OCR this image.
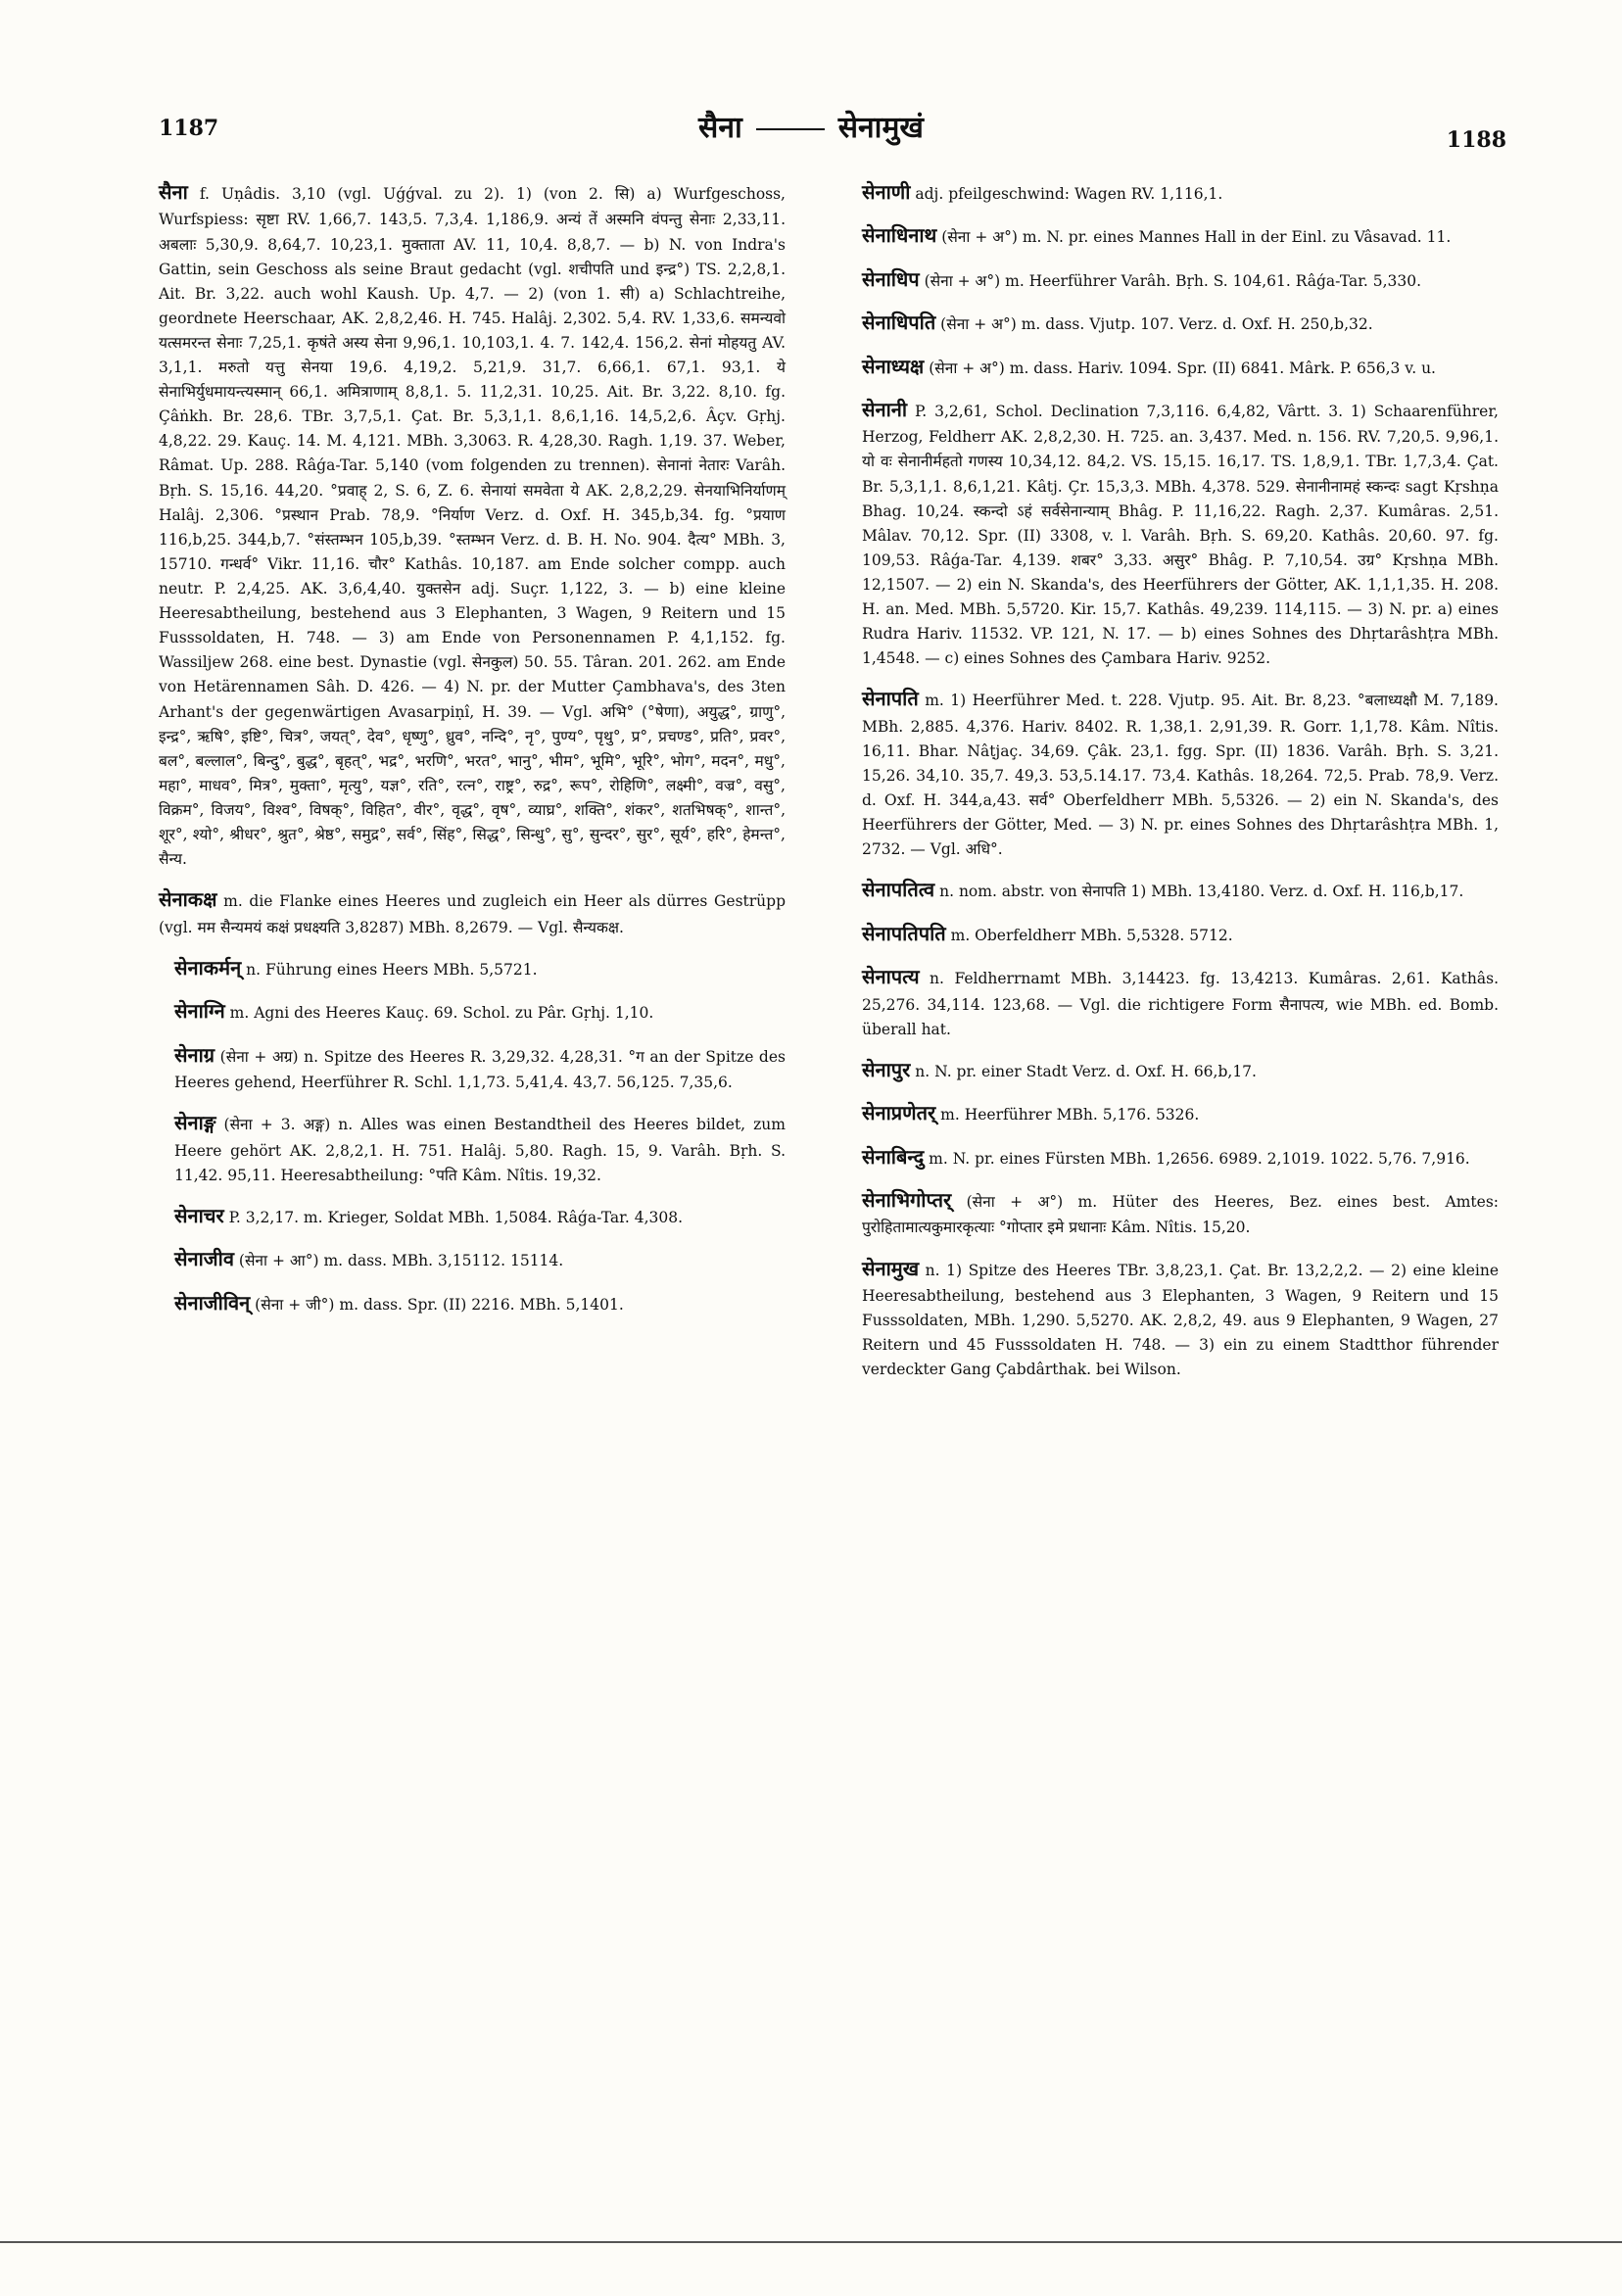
1187	सैना	सेनामुखं	1188

सैना f. Uṇâdis. 3,10 (vgl. Uǵǵval. zu 2). 1) (von 2. सि) a) Wurfgeschoss, Wurfspiess: सृष्टा RV. 1,66,7. 143,5. 7,3,4. 1,186,9. अन्यं तें अस्मनि वंपन्तु सेनाः 2,33,11. अबलाः 5,30,9. 8,64,7. 10,23,1. मुक्ताता AV. 11, 10,4. 8,8,7. — b) N. von Indra's Gattin, sein Geschoss als seine Braut gedacht (vgl. शचीपति und इन्द्र°) TS. 2,2,8,1. Ait. Br. 3,22. auch wohl Kaush. Up. 4,7. — 2) (von 1. सी) a) Schlachtreihe, geordnete Heerschaar, AK. 2,8,2,46. H. 745. Halâj. 2,302. 5,4. RV. 1,33,6. समन्यवो यत्समरन्त सेनाः 7,25,1. कृषंते अस्य सेना 9,96,1. 10,103,1. 4. 7. 142,4. 156,2. सेनां मोहयतु AV. 3,1,1. मरुतो यत्तु सेनया 19,6. 4,19,2. 5,21,9. 31,7. 6,66,1. 67,1. 93,1. ये सेनाभिर्युधमायन्त्यस्मान् 66,1. अमित्राणाम् 8,8,1. 5. 11,2,31. 10,25. Ait. Br. 3,22. 8,10. fg. Çâṅkh. Br. 28,6. TBr. 3,7,5,1. Çat. Br. 5,3,1,1. 8,6,1,16. 14,5,2,6. Âçv. Gṛhj. 4,8,22. 29. Kauç. 14. M. 4,121. MBh. 3,3063. R. 4,28,30. Ragh. 1,19. 37. Weber, Râmat. Up. 288. Râǵa-Tar. 5,140 (vom folgenden zu trennen). सेनानां नेतारः Varâh. Bṛh. S. 15,16. 44,20. °प्रवाह् 2, S. 6, Z. 6. सेनायां समवेता ये AK. 2,8,2,29. सेनयाभिनिर्याणम् Halâj. 2,306. °प्रस्थान Prab. 78,9. °निर्याण Verz. d. Oxf. H. 345,b,34. fg. °प्रयाण 116,b,25. 344,b,7. °संस्तम्भन 105,b,39. °स्तम्भन Verz. d. B. H. No. 904. दैत्य° MBh. 3, 15710. गन्धर्व° Vikr. 11,16. चौर° Kathâs. 10,187. am Ende solcher compp. auch neutr. P. 2,4,25. AK. 3,6,4,40. युक्तसेन adj. Suçr. 1,122, 3. — b) eine kleine Heeresabtheilung, bestehend aus 3 Elephanten, 3 Wagen, 9 Reitern und 15 Fusssoldaten, H. 748. — 3) am Ende von Personennamen P. 4,1,152. fg. Wassiljew 268. eine best. Dynastie (vgl. सेनकुल) 50. 55. Târan. 201. 262. am Ende von Hetärennamen Sâh. D. 426. — 4) N. pr. der Mutter Çambhava's, des 3ten Arhant's der gegenwärtigen Avasarpiṇî, H. 39. — Vgl. अभि° (°षेणा), अयुद्ध°, ग्राणु°, इन्द्र°, ऋषि°, इष्टि°, चित्र°, जयत्°, देव°, धृष्णु°, ध्रुव°, नन्दि°, नृ°, पुण्य°, पृथु°, प्र°, प्रचण्ड°, प्रति°, प्रवर°, बल°, बल्लाल°, बिन्दु°, बुद्ध°, बृहत्°, भद्र°, भरणि°, भरत°, भानु°, भीम°, भूमि°, भूरि°, भोग°, मदन°, मधु°, महा°, माधव°, मित्र°, मुक्ता°, मृत्यु°, यज्ञ°, रति°, रत्न°, राष्ट्र°, रुद्र°, रूप°, रोहिणि°, लक्ष्मी°, वज्र°, वसु°, विक्रम°, विजय°, विश्व°, विषक्°, विहित°, वीर°, वृद्ध°, वृष°, व्याघ्र°, शक्ति°, शंकर°, शतभिषक्°, शान्त°, शूर°, श्यो°, श्रीधर°, श्रुत°, श्रेष्ठ°, समुद्र°, सर्व°, सिंह°, सिद्ध°, सिन्धु°, सु°, सुन्दर°, सुर°, सूर्य°, हरि°, हेमन्त°, सैन्य.

सेनाकक्ष m. die Flanke eines Heeres und zugleich ein Heer als dürres Gestrüpp (vgl. मम सैन्यमयं कक्षं प्रधक्ष्यति 3,8287) MBh. 8,2679. — Vgl. सैन्यकक्ष.

सेनाकर्मन् n. Führung eines Heers MBh. 5,5721.

सेनाग्नि m. Agni des Heeres Kauç. 69. Schol. zu Pâr. Gṛhj. 1,10.

सेनाग्र (सेना + अग्र) n. Spitze des Heeres R. 3,29,32. 4,28,31. °ग an der Spitze des Heeres gehend, Heerführer R. Schl. 1,1,73. 5,41,4. 43,7. 56,125. 7,35,6.

सेनाङ्ग (सेना + 3. अङ्ग) n. Alles was einen Bestandtheil des Heeres bildet, zum Heere gehört AK. 2,8,2,1. H. 751. Halâj. 5,80. Ragh. 15, 9. Varâh. Bṛh. S. 11,42. 95,11. Heeresabtheilung: °पति Kâm. Nîtis. 19,32.

सेनाचर P. 3,2,17. m. Krieger, Soldat MBh. 1,5084. Râǵa-Tar. 4,308.

सेनाजीव (सेना + आ°) m. dass. MBh. 3,15112. 15114.

सेनाजीविन् (सेना + जी°) m. dass. Spr. (II) 2216. MBh. 5,1401.

सेनाणी adj. pfeilgeschwind: Wagen RV. 1,116,1.

सेनाधिनाथ (सेना + अ°) m. N. pr. eines Mannes Hall in der Einl. zu Vâsavad. 11.

सेनाधिप (सेना + अ°) m. Heerführer Varâh. Bṛh. S. 104,61. Râǵa-Tar. 5,330.

सेनाधिपति (सेना + अ°) m. dass. Vjutp. 107. Verz. d. Oxf. H. 250,b,32.

सेनाध्यक्ष (सेना + अ°) m. dass. Hariv. 1094. Spr. (II) 6841. Mârk. P. 656,3 v. u.

सेनानी P. 3,2,61, Schol. Declination 7,3,116. 6,4,82, Vârtt. 3. 1) Schaarenführer, Herzog, Feldherr AK. 2,8,2,30. H. 725. an. 3,437. Med. n. 156. RV. 7,20,5. 9,96,1. यो वः सेनानीर्महतो गणस्य 10,34,12. 84,2. VS. 15,15. 16,17. TS. 1,8,9,1. TBr. 1,7,3,4. Çat. Br. 5,3,1,1. 8,6,1,21. Kâtj. Çr. 15,3,3. MBh. 4,378. 529. सेनानीनामहं स्कन्दः sagt Kṛshṇa Bhag. 10,24. स्कन्दो ऽहं सर्वसेनान्याम् Bhâg. P. 11,16,22. Ragh. 2,37. Kumâras. 2,51. Mâlav. 70,12. Spr. (II) 3308, v. l. Varâh. Bṛh. S. 69,20. Kathâs. 20,60. 97. fg. 109,53. Râǵa-Tar. 4,139. शबर° 3,33. असुर° Bhâg. P. 7,10,54. उग्र° Kṛshṇa MBh. 12,1507. — 2) ein N. Skanda's, des Heerführers der Götter, AK. 1,1,1,35. H. 208. H. an. Med. MBh. 5,5720. Kir. 15,7. Kathâs. 49,239. 114,115. — 3) N. pr. a) eines Rudra Hariv. 11532. VP. 121, N. 17. — b) eines Sohnes des Dhṛtarâshṭra MBh. 1,4548. — c) eines Sohnes des Çambara Hariv. 9252.

सेनापति m. 1) Heerführer Med. t. 228. Vjutp. 95. Ait. Br. 8,23. °बलाध्यक्षौ M. 7,189. MBh. 2,885. 4,376. Hariv. 8402. R. 1,38,1. 2,91,39. R. Gorr. 1,1,78. Kâm. Nîtis. 16,11. Bhar. Nâṭjaç. 34,69. Çâk. 23,1. fgg. Spr. (II) 1836. Varâh. Bṛh. S. 3,21. 15,26. 34,10. 35,7. 49,3. 53,5.14.17. 73,4. Kathâs. 18,264. 72,5. Prab. 78,9. Verz. d. Oxf. H. 344,a,43. सर्व° Oberfeldherr MBh. 5,5326. — 2) ein N. Skanda's, des Heerführers der Götter, Med. — 3) N. pr. eines Sohnes des Dhṛtarâshṭra MBh. 1, 2732. — Vgl. अधि°.

सेनापतित्व n. nom. abstr. von सेनापति 1) MBh. 13,4180. Verz. d. Oxf. H. 116,b,17.

सेनापतिपति m. Oberfeldherr MBh. 5,5328. 5712.

सेनापत्य n. Feldherrnamt MBh. 3,14423. fg. 13,4213. Kumâras. 2,61. Kathâs. 25,276. 34,114. 123,68. — Vgl. die richtigere Form सैनापत्य, wie MBh. ed. Bomb. überall hat.

सेनापुर n. N. pr. einer Stadt Verz. d. Oxf. H. 66,b,17.

सेनाप्रणेतर् m. Heerführer MBh. 5,176. 5326.

सेनाबिन्दु m. N. pr. eines Fürsten MBh. 1,2656. 6989. 2,1019. 1022. 5,76. 7,916.

सेनाभिगोप्तर् (सेना + अ°) m. Hüter des Heeres, Bez. eines best. Amtes: पुरोहितामात्यकुमारकृत्याः °गोप्तार इमे प्रधानाः Kâm. Nîtis. 15,20.

सेनामुख n. 1) Spitze des Heeres TBr. 3,8,23,1. Çat. Br. 13,2,2,2. — 2) eine kleine Heeresabtheilung, bestehend aus 3 Elephanten, 3 Wagen, 9 Reitern und 15 Fusssoldaten, MBh. 1,290. 5,5270. AK. 2,8,2, 49. aus 9 Elephanten, 9 Wagen, 27 Reitern und 45 Fusssoldaten H. 748. — 3) ein zu einem Stadtthor führender verdeckter Gang Çabdârthak. bei Wilson.
